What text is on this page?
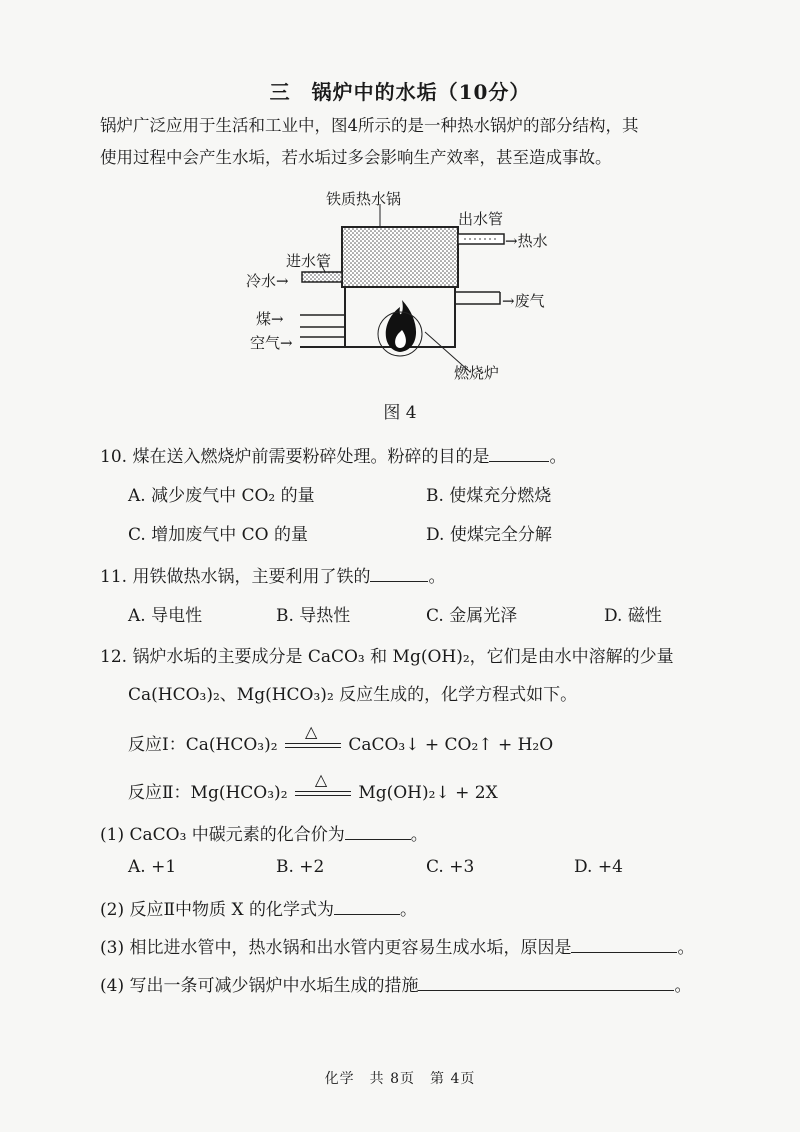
三　锅炉中的水垢（10分）
锅炉广泛应用于生活和工业中，图4所示的是一种热水锅炉的部分结构，其
使用过程中会产生水垢，若水垢过多会影响生产效率，甚至造成事故。
铁质热水锅
出水管
→热水
进水管
冷水→
→废气
煤→
空气→
燃烧炉
图 4
10. 煤在送入燃烧炉前需要粉碎处理。粉碎的目的是	。
A. 减少废气中 CO₂ 的量	B. 使煤充分燃烧
C. 增加废气中 CO 的量	D. 使煤完全分解
11. 用铁做热水锅，主要利用了铁的	。
A. 导电性	B. 导热性	C. 金属光泽	D. 磁性
12. 锅炉水垢的主要成分是 CaCO₃ 和 Mg(OH)₂，它们是由水中溶解的少量
Ca(HCO₃)₂、Mg(HCO₃)₂ 反应生成的，化学方程式如下。
反应Ⅰ：Ca(HCO₃)₂
△
CaCO₃↓ + CO₂↑ + H₂O
反应Ⅱ：Mg(HCO₃)₂
△
Mg(OH)₂↓ + 2X
(1) CaCO₃ 中碳元素的化合价为	。
A. +1	B. +2	C. +3	D. +4
(2) 反应Ⅱ中物质 X 的化学式为	。
(3) 相比进水管中，热水锅和出水管内更容易生成水垢，原因是	。
(4) 写出一条可减少锅炉中水垢生成的措施	。
化学　共 8页　第 4页
